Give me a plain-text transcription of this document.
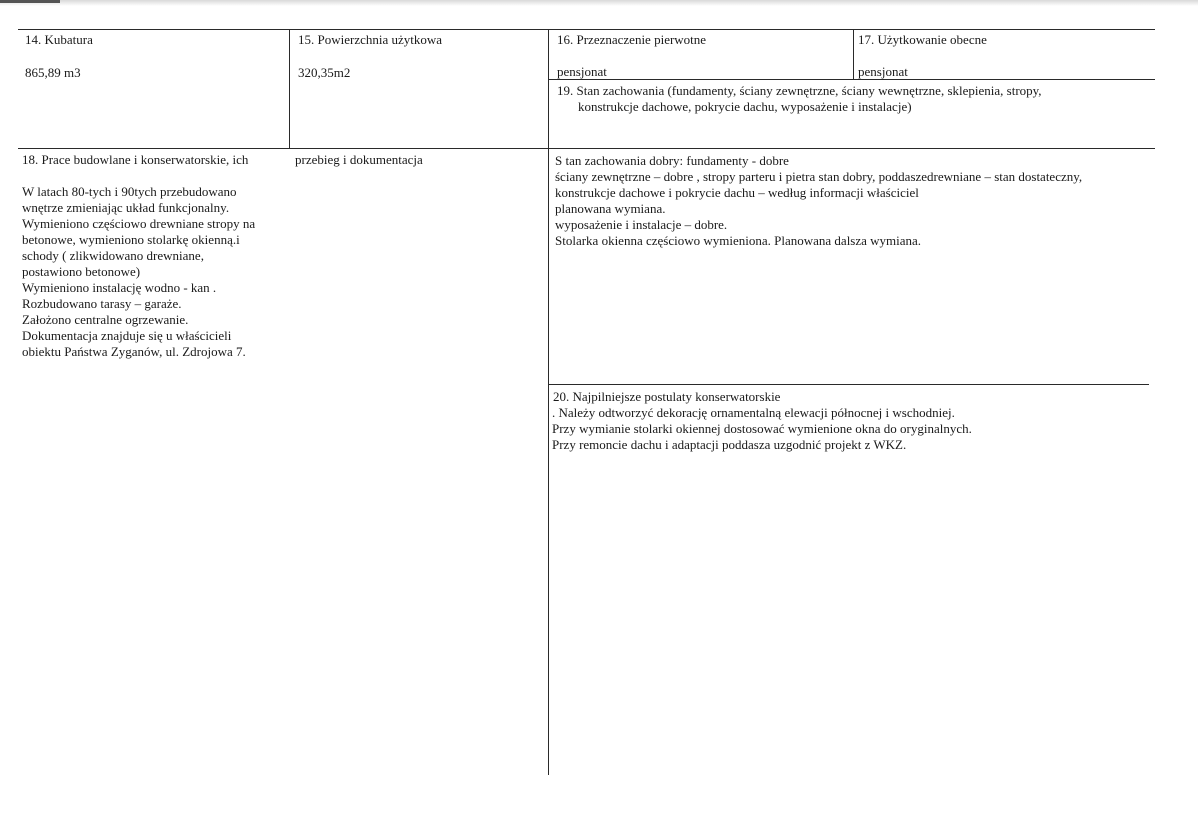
14. Kubatura
865,89 m3
15. Powierzchnia użytkowa
320,35m2
16. Przeznaczenie pierwotne
pensjonat
17. Użytkowanie obecne
pensjonat
19. Stan zachowania (fundamenty, ściany zewnętrzne, ściany wewnętrzne, sklepienia, stropy,
konstrukcje dachowe, pokrycie dachu, wyposażenie i instalacje)
18. Prace budowlane i konserwatorskie, ich	przebieg i dokumentacja
W latach 80-tych i 90tych przebudowano
wnętrze zmieniając układ funkcjonalny.
Wymieniono częściowo drewniane stropy na
betonowe, wymieniono stolarkę okienną.i
schody ( zlikwidowano drewniane,
postawiono betonowe)
Wymieniono instalację wodno - kan .
Rozbudowano tarasy – garaże.
Założono centralne ogrzewanie.
Dokumentacja znajduje się u właścicieli
obiektu Państwa Zyganów, ul. Zdrojowa 7.
S tan zachowania dobry: fundamenty - dobre
ściany zewnętrzne – dobre , stropy parteru i pietra stan dobry, poddaszedrewniane – stan dostateczny,
konstrukcje dachowe i pokrycie dachu – według informacji właściciel
planowana wymiana.
wyposażenie i instalacje – dobre.
Stolarka okienna częściowo wymieniona. Planowana dalsza wymiana.
20. Najpilniejsze postulaty konserwatorskie
. Należy odtworzyć dekorację ornamentalną elewacji północnej i wschodniej.
Przy wymianie stolarki okiennej dostosować wymienione okna do oryginalnych.
Przy remoncie dachu i adaptacji poddasza uzgodnić projekt z WKZ.
